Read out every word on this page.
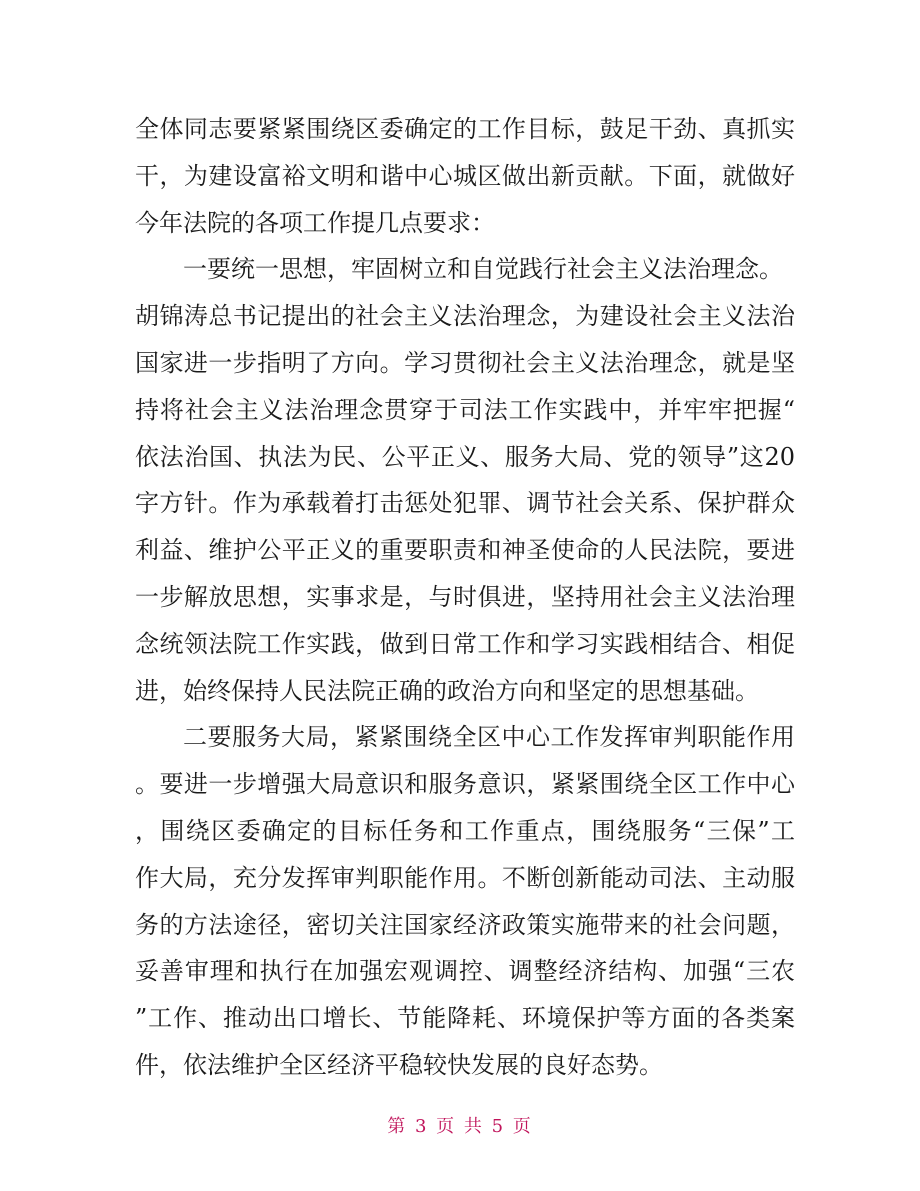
全体同志要紧紧围绕区委确定的工作目标，鼓足干劲、真抓实
干，为建设富裕文明和谐中心城区做出新贡献。下面，就做好
今年法院的各项工作提几点要求：
一要统一思想，牢固树立和自觉践行社会主义法治理念。
胡锦涛总书记提出的社会主义法治理念，为建设社会主义法治
国家进一步指明了方向。学习贯彻社会主义法治理念，就是坚
持将社会主义法治理念贯穿于司法工作实践中，并牢牢把握“
依法治国、执法为民、公平正义、服务大局、党的领导”这20
字方针。作为承载着打击惩处犯罪、调节社会关系、保护群众
利益、维护公平正义的重要职责和神圣使命的人民法院，要进
一步解放思想，实事求是，与时俱进，坚持用社会主义法治理
念统领法院工作实践，做到日常工作和学习实践相结合、相促
进，始终保持人民法院正确的政治方向和坚定的思想基础。
二要服务大局，紧紧围绕全区中心工作发挥审判职能作用
。要进一步增强大局意识和服务意识，紧紧围绕全区工作中心
，围绕区委确定的目标任务和工作重点，围绕服务“三保”工
作大局，充分发挥审判职能作用。不断创新能动司法、主动服
务的方法途径，密切关注国家经济政策实施带来的社会问题，
妥善审理和执行在加强宏观调控、调整经济结构、加强“三农
”工作、推动出口增长、节能降耗、环境保护等方面的各类案
件，依法维护全区经济平稳较快发展的良好态势。
第 3 页 共 5 页
